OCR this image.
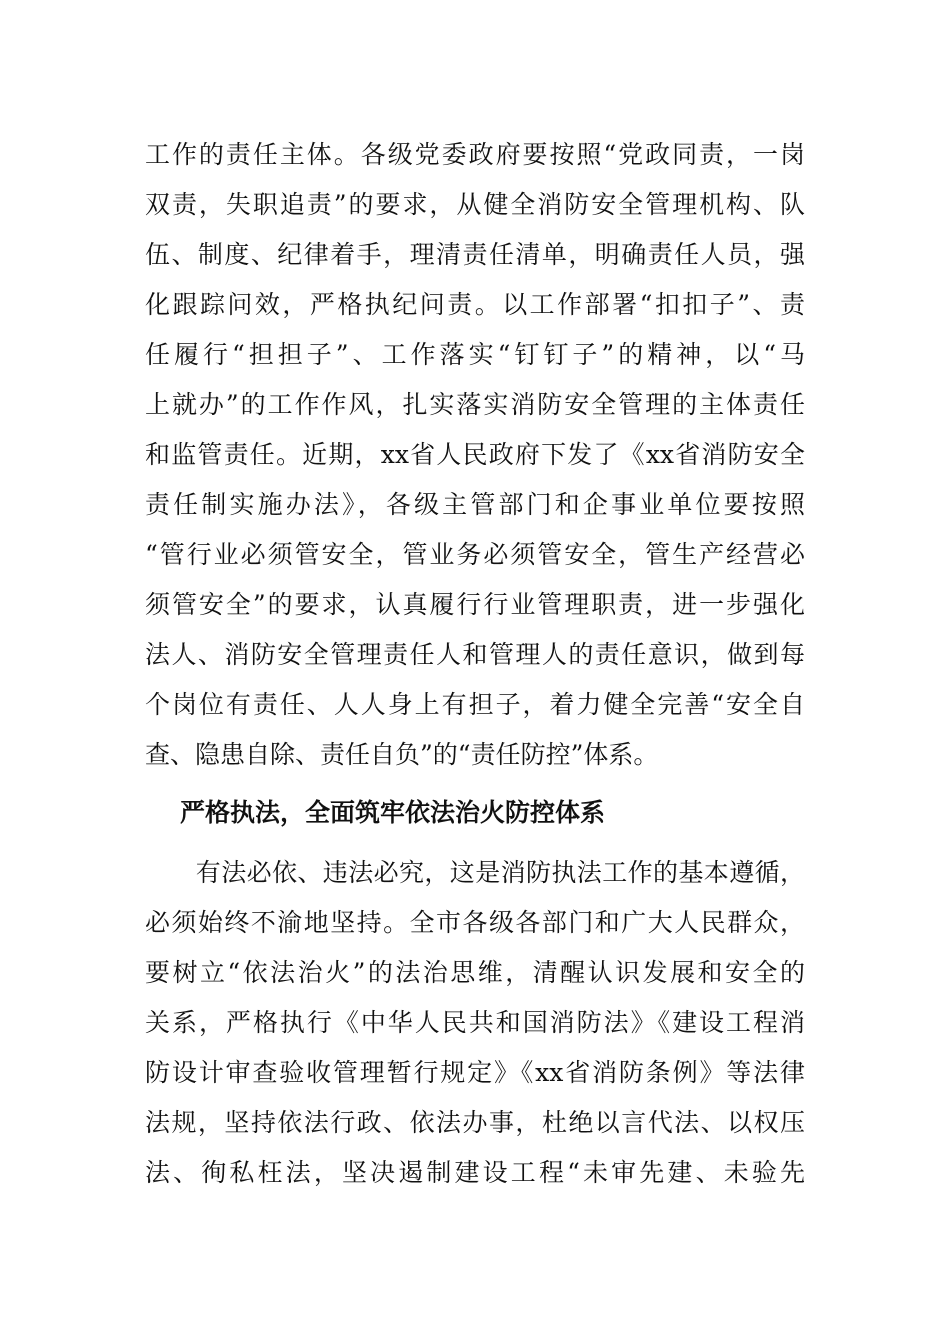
工作的责任主体。各级党委政府要按照“党政同责，一岗
双责，失职追责”的要求，从健全消防安全管理机构、队
伍、制度、纪律着手，理清责任清单，明确责任人员，强
化跟踪问效，严格执纪问责。以工作部署“扣扣子”、责
任履行“担担子”、工作落实“钉钉子”的精神，以“马
上就办”的工作作风，扎实落实消防安全管理的主体责任
和监管责任。近期，xx省人民政府下发了《xx省消防安全
责任制实施办法》，各级主管部门和企事业单位要按照
“管行业必须管安全，管业务必须管安全，管生产经营必
须管安全”的要求，认真履行行业管理职责，进一步强化
法人、消防安全管理责任人和管理人的责任意识，做到每
个岗位有责任、人人身上有担子，着力健全完善“安全自
查、隐患自除、责任自负”的“责任防控”体系。
严格执法，全面筑牢依法治火防控体系
　　有法必依、违法必究，这是消防执法工作的基本遵循，
必须始终不渝地坚持。全市各级各部门和广大人民群众，
要树立“依法治火”的法治思维，清醒认识发展和安全的
关系，严格执行《中华人民共和国消防法》《建设工程消
防设计审查验收管理暂行规定》《xx省消防条例》等法律
法规，坚持依法行政、依法办事，杜绝以言代法、以权压
法、徇私枉法，坚决遏制建设工程“未审先建、未验先
